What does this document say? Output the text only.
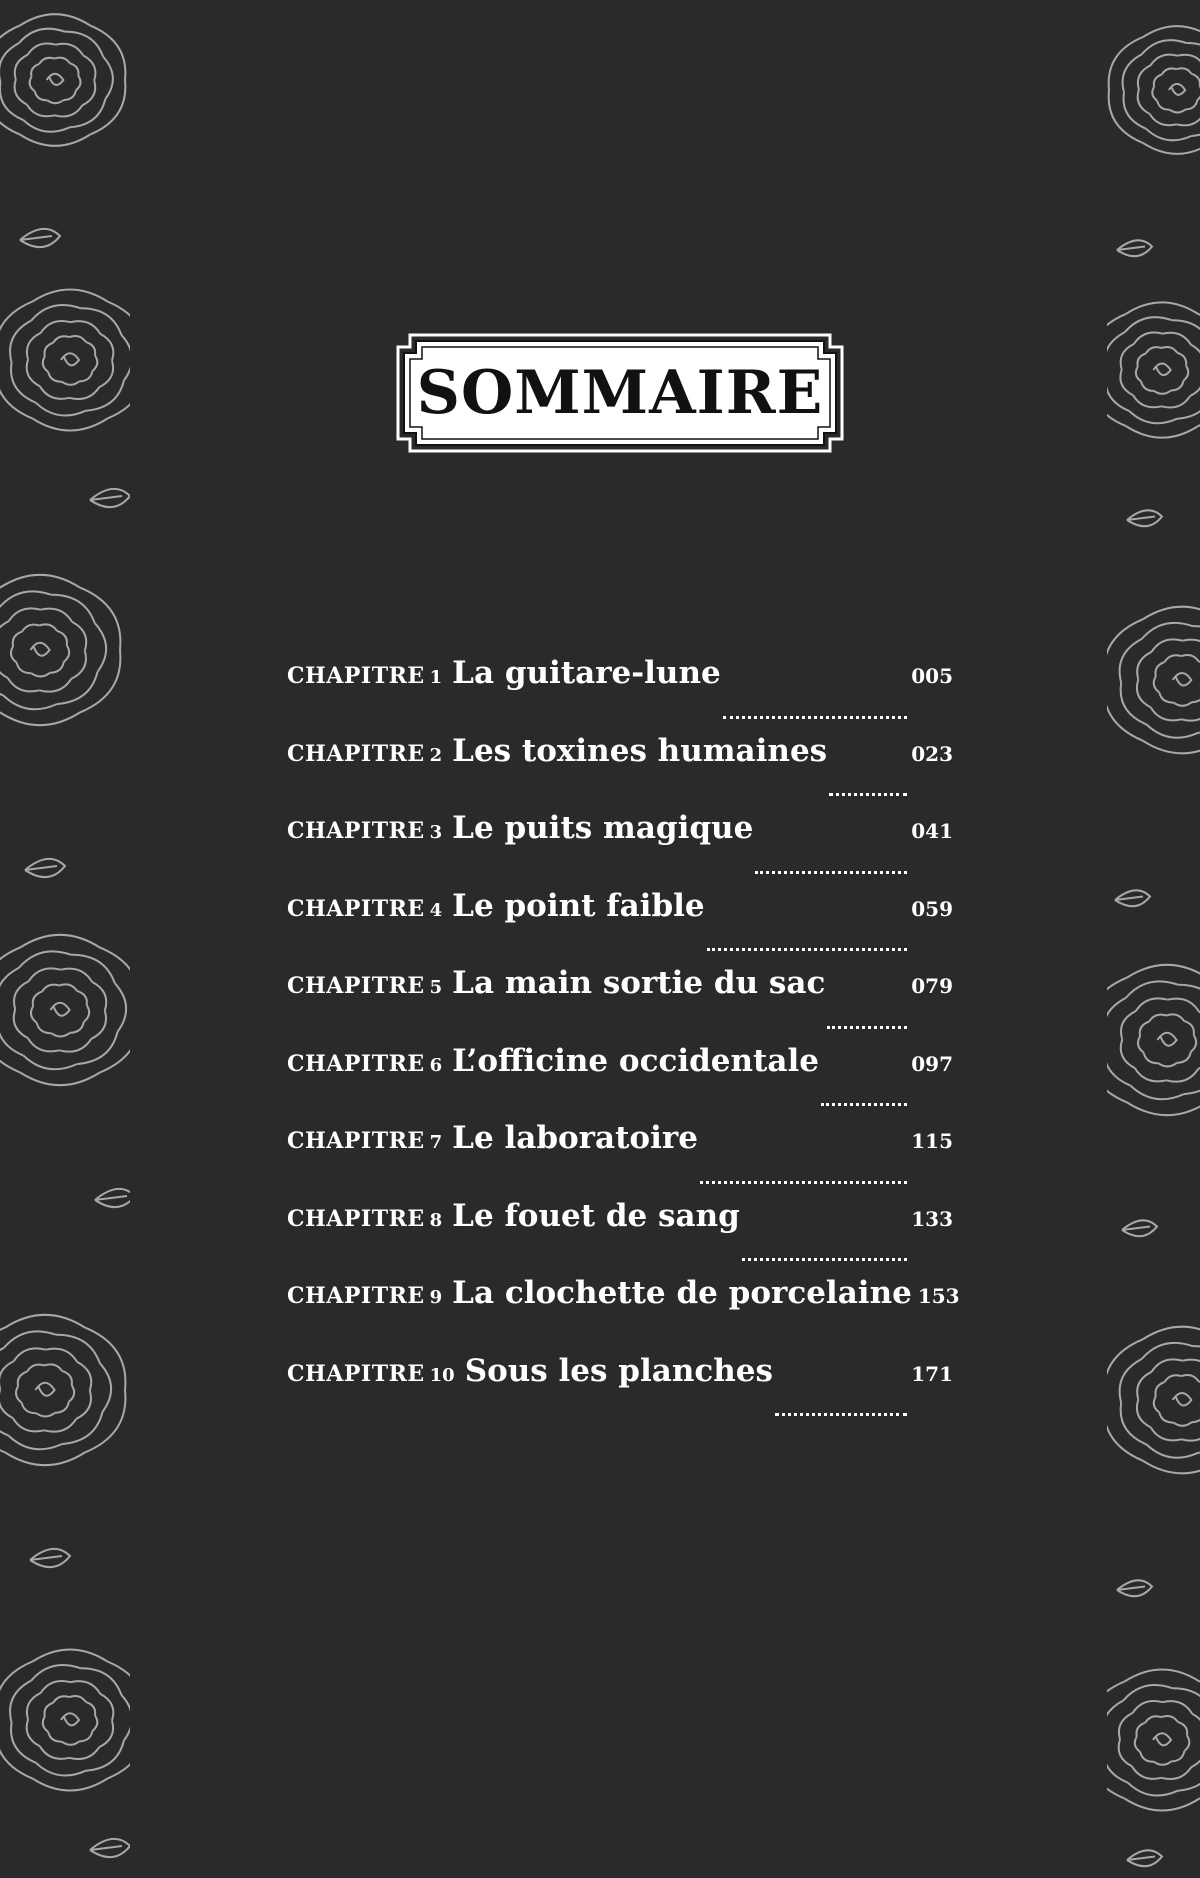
SOMMAIRE
CHAPITRE 1 La guitare-lune	005
CHAPITRE 2 Les toxines humaines	023
CHAPITRE 3 Le puits magique	041
CHAPITRE 4 Le point faible	059
CHAPITRE 5 La main sortie du sac	079
CHAPITRE 6 L’officine occidentale	097
CHAPITRE 7 Le laboratoire	115
CHAPITRE 8 Le fouet de sang	133
CHAPITRE 9 La clochette de porcelaine 153
CHAPITRE 10 Sous les planches	171
